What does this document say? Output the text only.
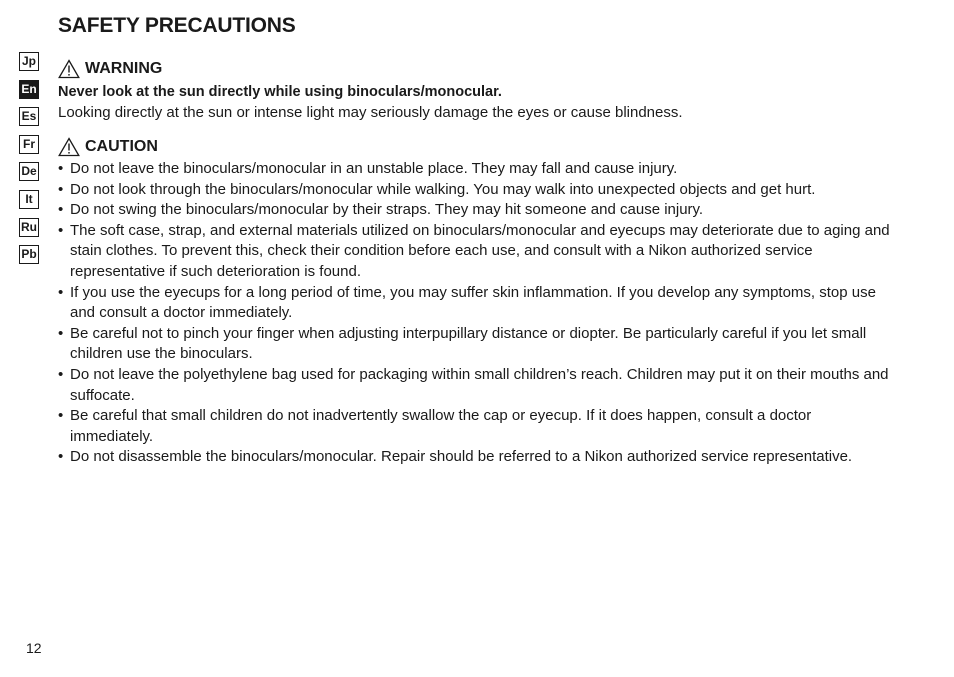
SAFETY PRECAUTIONS
Jp
En
Es
Fr
De
It
Ru
Pb
WARNING

Never look at the sun directly while using binoculars/monocular.

Looking directly at the sun or intense light may seriously damage the eyes or cause blindness.

CAUTION
• Do not leave the binoculars/monocular in an unstable place. They may fall and cause injury.
• Do not look through the binoculars/monocular while walking. You may walk into unexpected objects and get hurt.
• Do not swing the binoculars/monocular by their straps. They may hit someone and cause injury.
• The soft case, strap, and external materials utilized on binoculars/monocular and eyecups may deteriorate due to aging and stain clothes. To prevent this, check their condition before each use, and consult with a Nikon authorized service representative if such deterioration is found.
• If you use the eyecups for a long period of time, you may suffer skin inflammation. If you develop any symptoms, stop use and consult a doctor immediately.
• Be careful not to pinch your finger when adjusting interpupillary distance or diopter. Be particularly careful if you let small children use the binoculars.
• Do not leave the polyethylene bag used for packaging within small children’s reach. Children may put it on their mouths and suffocate.
• Be careful that small children do not inadvertently swallow the cap or eyecup. If it does happen, consult a doctor immediately.
• Do not disassemble the binoculars/monocular. Repair should be referred to a Nikon authorized service representative.
12
